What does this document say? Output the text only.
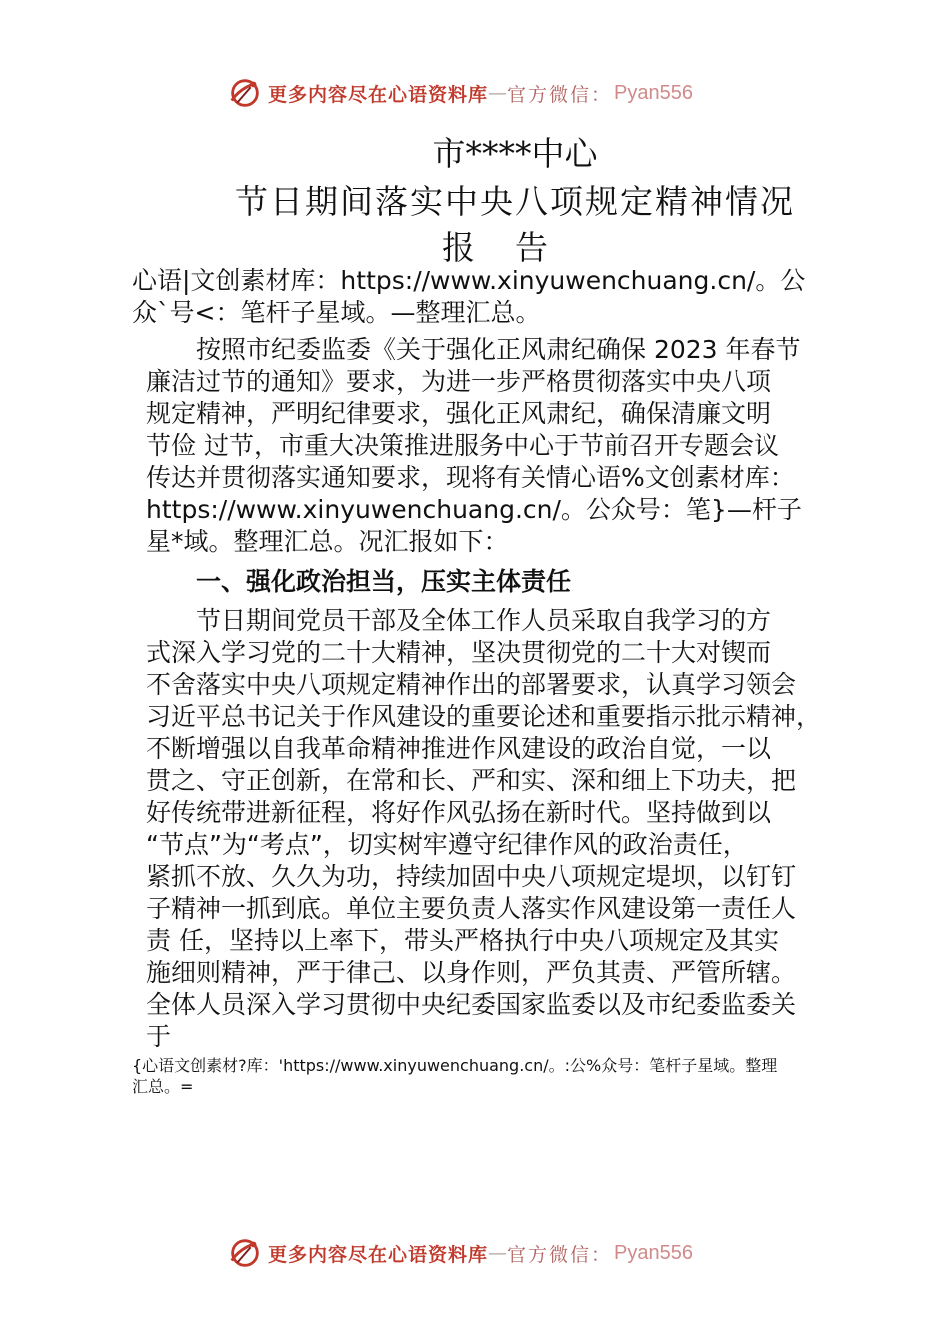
更多内容尽在心语资料库 — 官方微信： Pyan556
市****中心
节日期间落实中央八项规定精神情况
报告
心语|文创素材库：https://www.xinyuwenchuang.cn/。公
众`号<：笔杆子星域。—整理汇总。
　　按照市纪委监委《关于强化正风肃纪确保 2023 年春节
廉洁过节的通知》要求，为进一步严格贯彻落实中央八项
规定精神，严明纪律要求，强化正风肃纪，确保清廉文明
节俭 过节，市重大决策推进服务中心于节前召开专题会议
传达并贯彻落实通知要求，现将有关情心语%文创素材库：
https://www.xinyuwenchuang.cn/。公众号：笔}—杆子
星*域。整理汇总。况汇报如下：
　　一、强化政治担当，压实主体责任
　　节日期间党员干部及全体工作人员采取自我学习的方
式深入学习党的二十大精神，坚决贯彻党的二十大对锲而
不舍落实中央八项规定精神作出的部署要求，认真学习领会
习近平总书记关于作风建设的重要论述和重要指示批示精神，
不断增强以自我革命精神推进作风建设的政治自觉，一以
贯之、守正创新，在常和长、严和实、深和细上下功夫，把
好传统带进新征程，将好作风弘扬在新时代。坚持做到以
“节点”为“考点”，切实树牢遵守纪律作风的政治责任，
紧抓不放、久久为功，持续加固中央八项规定堤坝，以钉钉
子精神一抓到底。单位主要负责人落实作风建设第一责任人
责 任，坚持以上率下，带头严格执行中央八项规定及其实
施细则精神，严于律己、以身作则，严负其责、严管所辖。
全体人员深入学习贯彻中央纪委国家监委以及市纪委监委关
于
{心语文创素材?库：'https://www.xinyuwenchuang.cn/。:公%众号：笔杆子星域。整理
汇总。=
更多内容尽在心语资料库 — 官方微信： Pyan556
